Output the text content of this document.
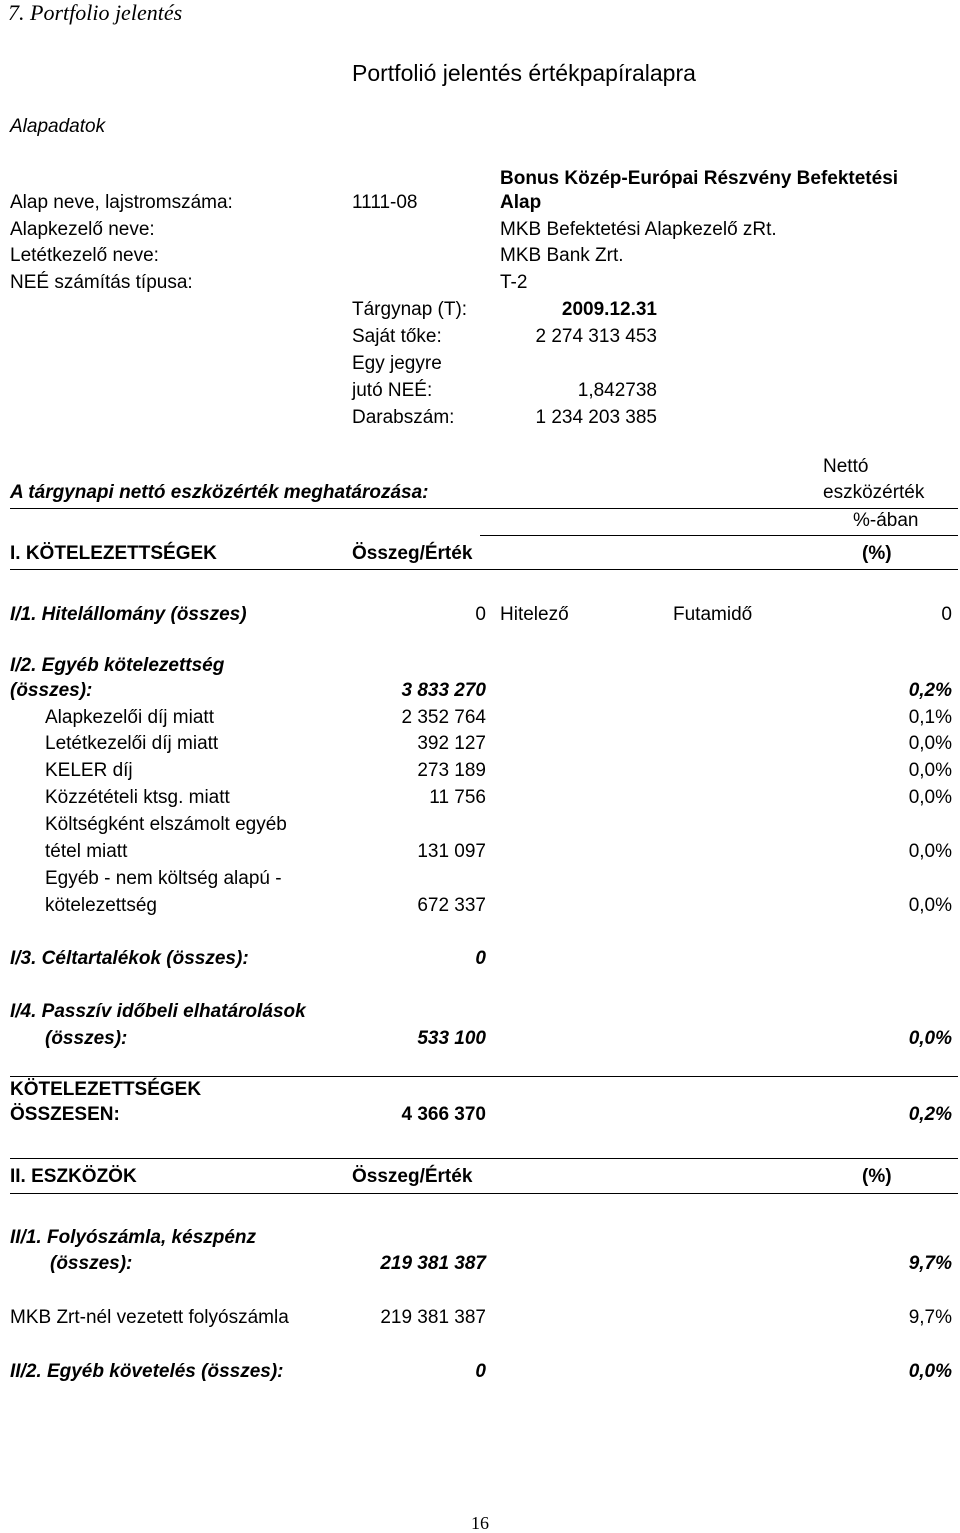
7. Portfolio jelentés
Portfolió jelentés értékpapíralapra
Alapadatok
Alap neve, lajstromszáma:	1111-08
Bonus Közép-Európai Részvény Befektetési
Alap
Alapkezelő neve:	MKB Befektetési Alapkezelő zRt.
Letétkezelő neve:	MKB Bank Zrt.
NEÉ számítás típusa:	T-2
Tárgynap (T):	2009.12.31
Saját tőke:	2 274 313 453
Egy jegyre
jutó NEÉ:	1,842738
Darabszám:	1 234 203 385
A tárgynapi nettó eszközérték meghatározása:
Nettó
eszközérték
%-ában
I. KÖTELEZETTSÉGEK	Összeg/Érték	(%)
I/1. Hitelállomány (összes)	0 Hitelező	Futamidő	0
I/2. Egyéb kötelezettség
(összes):	3 833 270	0,2%
Alapkezelői díj miatt	2 352 764	0,1%
Letétkezelői díj miatt	392 127	0,0%
KELER díj	273 189	0,0%
Közzétételi ktsg. miatt	11 756	0,0%
Költségként elszámolt egyéb
tétel miatt	131 097	0,0%
Egyéb - nem költség alapú -
kötelezettség	672 337	0,0%
I/3. Céltartalékok (összes):	0
I/4. Passzív időbeli elhatárolások
(összes):	533 100	0,0%
KÖTELEZETTSÉGEK
ÖSSZESEN:	4 366 370	0,2%
II. ESZKÖZÖK	Összeg/Érték	(%)
II/1. Folyószámla, készpénz
(összes):	219 381 387	9,7%
MKB Zrt-nél vezetett folyószámla	219 381 387	9,7%
II/2. Egyéb követelés (összes):	0	0,0%
16
